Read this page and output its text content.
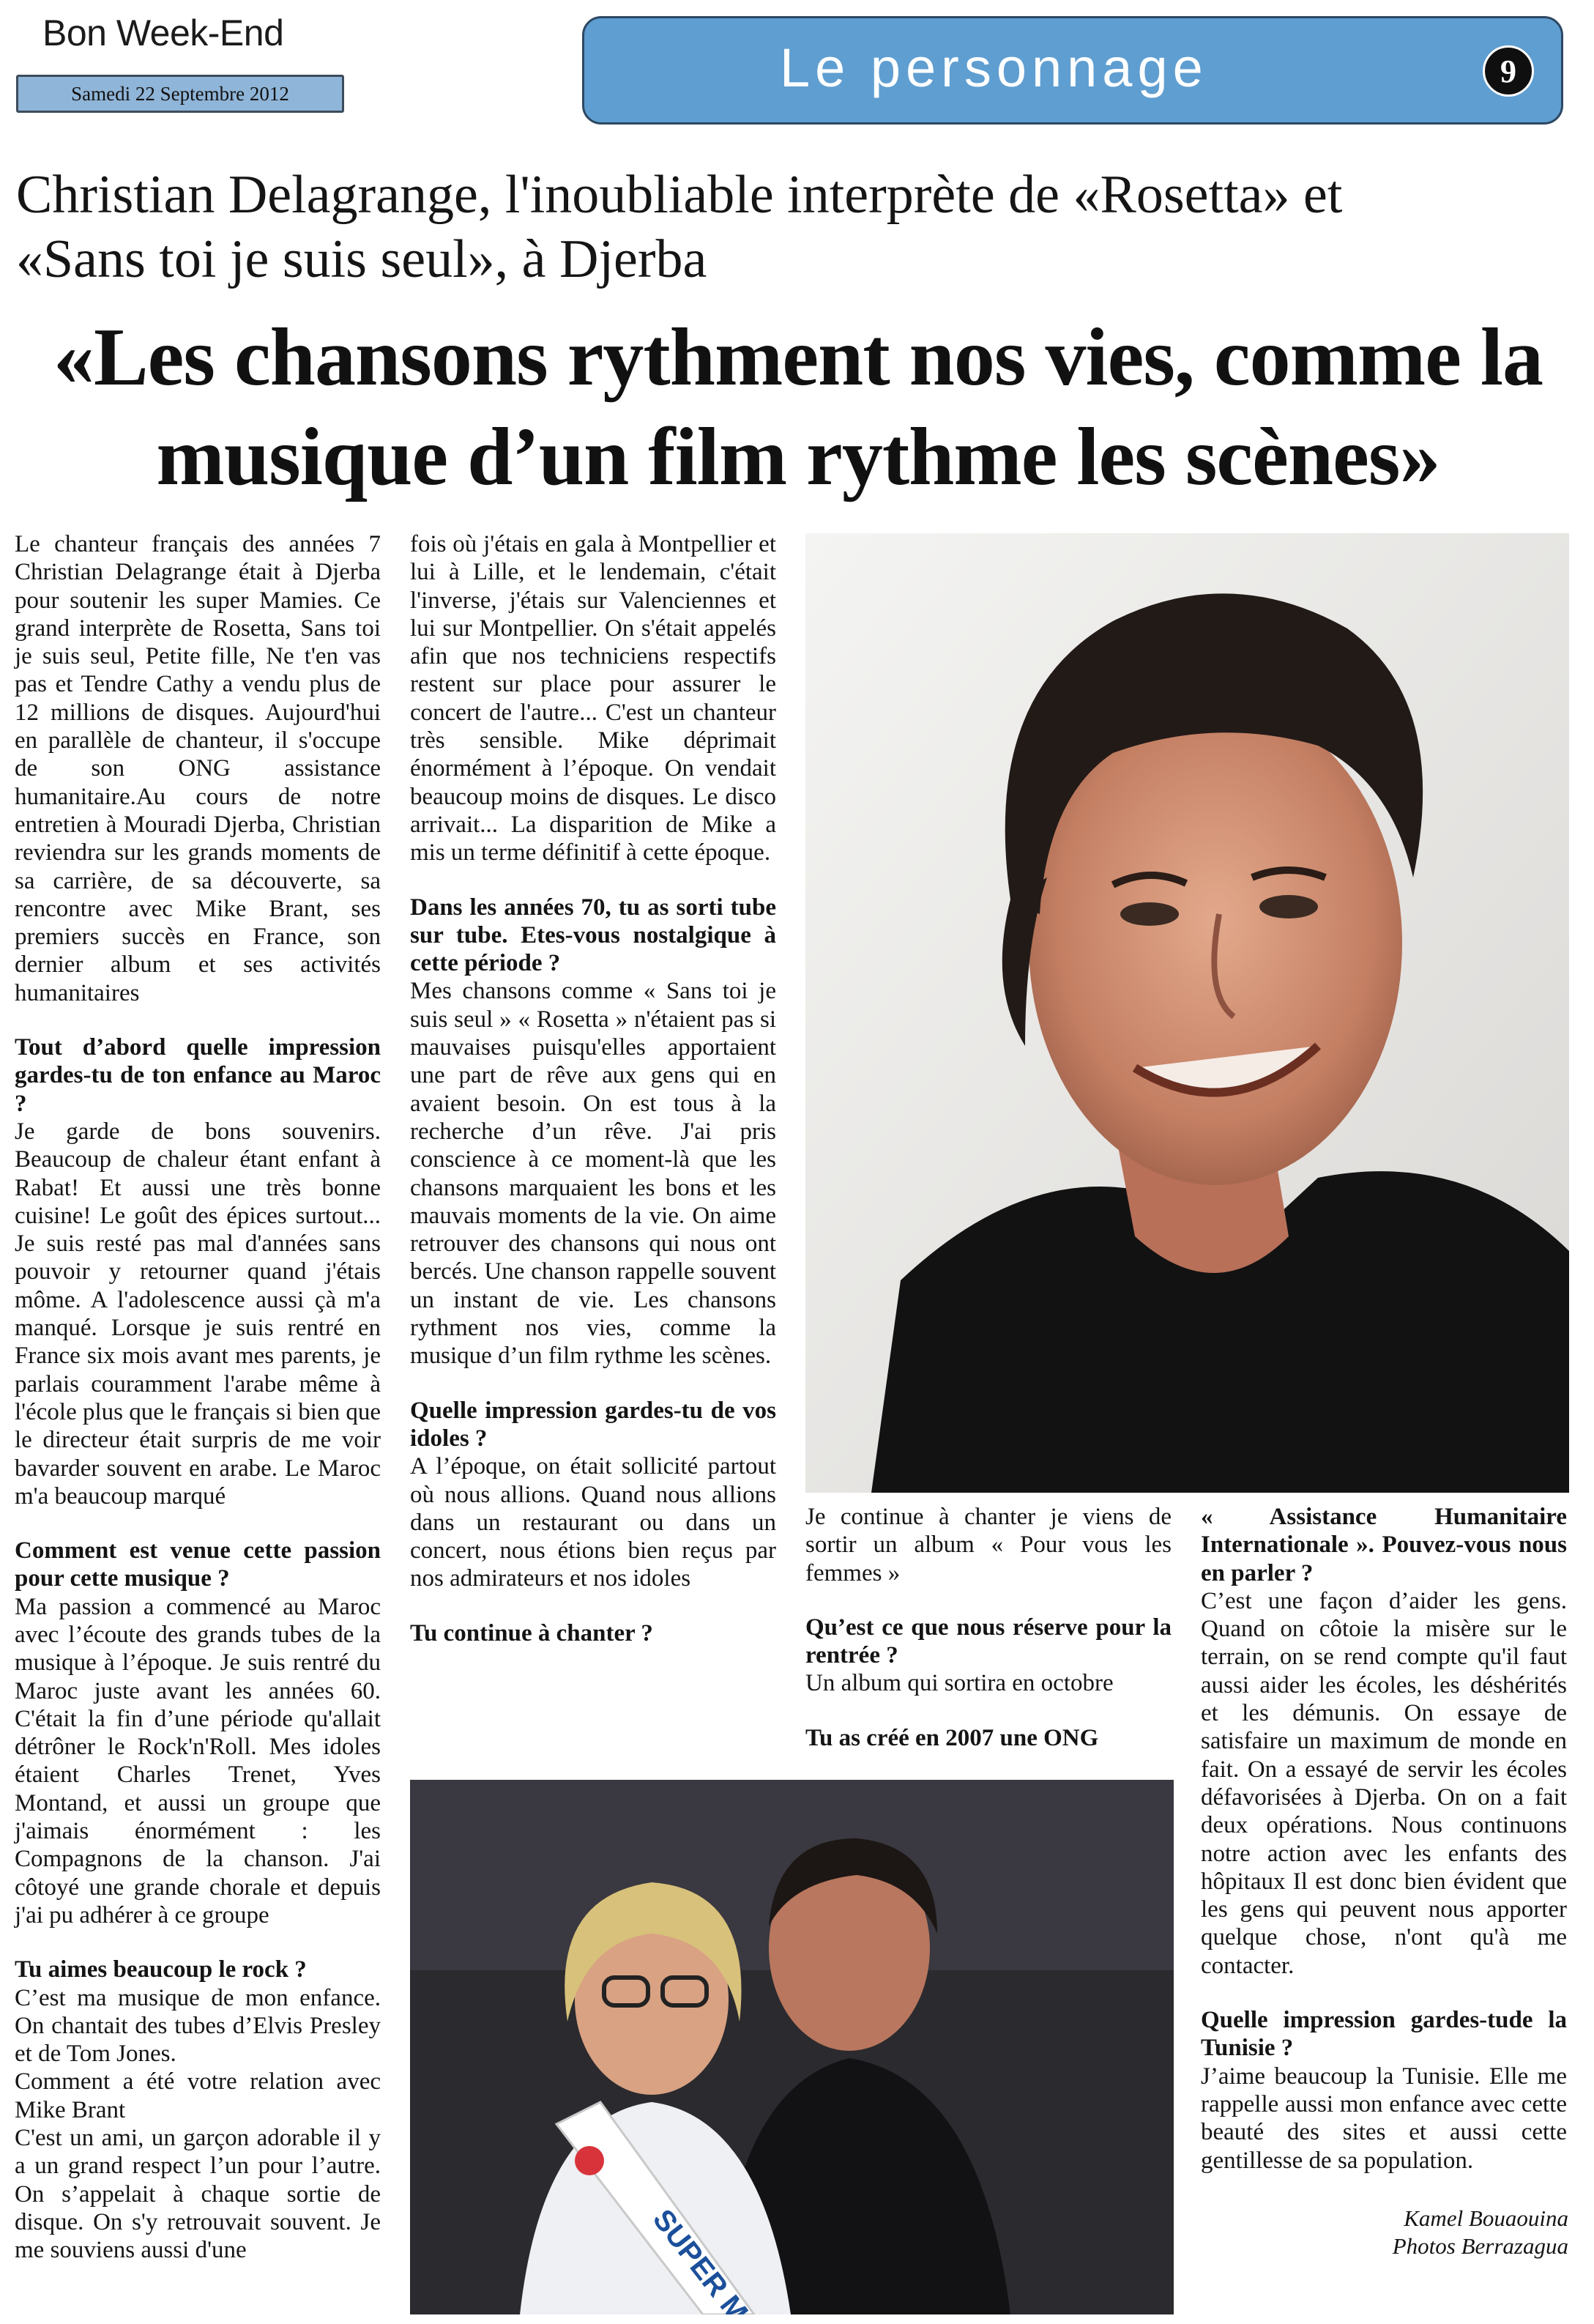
Bon Week-End
Samedi 22 Septembre 2012	Le personnage	9
Christian Delagrange, l'inoubliable interprète de «Rosetta» et
«Sans toi je suis seul», à Djerba
«Les chansons rythment nos vies, comme la
musique d’un film rythme les scènes»

Le chanteur français des années 7 Christian Delagrange était à Djerba pour soutenir les super Mamies. Ce grand interprète de Rosetta, Sans toi je suis seul, Petite fille, Ne t'en vas pas et Tendre Cathy a vendu plus de 12 millions de disques. Aujourd'hui en parallèle de chanteur, il s'occupe de son ONG assistance humanitaire.Au cours de notre entretien à Mouradi Djerba, Christian reviendra sur les grands moments de sa carrière, de sa découverte, sa rencontre avec Mike Brant, ses premiers succès en France, son dernier album et ses activités humanitaires

Tout d’abord quelle impression gardes-tu de ton enfance au Maroc ?

Je garde de bons souvenirs. Beaucoup de chaleur étant enfant à Rabat! Et aussi une très bonne cuisine! Le goût des épices surtout... Je suis resté pas mal d'années sans pouvoir y retourner quand j'étais môme. A l'adolescence aussi çà m'a manqué. Lorsque je suis rentré en France six mois avant mes parents, je parlais couramment l'arabe même à l'école plus que le français si bien que le directeur était surpris de me voir bavarder souvent en arabe. Le Maroc m'a beaucoup marqué

Comment est venue cette passion pour cette musique ?

Ma passion a commencé au Maroc avec l’écoute des grands tubes de la musique à l’époque. Je suis rentré du Maroc juste avant les années 60. C'était la fin d’une période qu'allait détrôner le Rock'n'Roll. Mes idoles étaient Charles Trenet, Yves Montand, et aussi un groupe que j'aimais énormément : les Compagnons de la chanson. J'ai côtoyé une grande chorale et depuis j'ai pu adhérer à ce groupe

Tu aimes beaucoup le rock ?

C’est ma musique de mon enfance. On chantait des tubes d’Elvis Presley et de Tom Jones.

Comment a été votre relation avec Mike Brant

C'est un ami, un garçon adorable il y a un grand respect l’un pour l’autre. On s’appelait à chaque sortie de disque. On s'y retrouvait souvent. Je me souviens aussi d'une

fois où j'étais en gala à Montpellier et lui à Lille, et le lendemain, c'était l'inverse, j'étais sur Valenciennes et lui sur Montpellier. On s'était appelés afin que nos techniciens respectifs restent sur place pour assurer le concert de l'autre... C'est un chanteur très sensible. Mike déprimait énormément à l’époque. On vendait beaucoup moins de disques. Le disco arrivait... La disparition de Mike a mis un terme définitif à cette époque.

Dans les années 70, tu as sorti tube sur tube. Etes-vous nostalgique à cette période ?

Mes chansons comme « Sans toi je suis seul » « Rosetta » n'étaient pas si mauvaises puisqu'elles apportaient une part de rêve aux gens qui en avaient besoin. On est tous à la recherche d’un rêve. J'ai pris conscience à ce moment-là que les chansons marquaient les bons et les mauvais moments de la vie. On aime retrouver des chansons qui nous ont bercés. Une chanson rappelle souvent un instant de vie. Les chansons rythment nos vies, comme la musique d’un film rythme les scènes.

Quelle impression gardes-tu de vos idoles ?

A l’époque, on était sollicité partout où nous allions. Quand nous allions dans un restaurant ou dans un concert, nous étions bien reçus par nos admirateurs et nos idoles

Tu continue à chanter ?

Je continue à chanter je viens de sortir un album « Pour vous les femmes »

Qu’est ce que nous réserve pour la rentrée ?

Un album qui sortira en octobre

Tu as créé en 2007 une ONG

« Assistance Humanitaire Internationale ». Pouvez-vous nous en parler ?

C’est une façon d’aider les gens. Quand on côtoie la misère sur le terrain, on se rend compte qu'il faut aussi aider les écoles, les déshérités et les démunis. On essaye de satisfaire un maximum de monde en fait. On a essayé de servir les écoles défavorisées à Djerba. On on a fait deux opérations. Nous continuons notre action avec les enfants des hôpitaux Il est donc bien évident que les gens qui peuvent nous apporter quelque chose, n'ont qu'à me contacter.

Quelle impression gardes-tude la Tunisie ?

J’aime beaucoup la Tunisie. Elle me rappelle aussi mon enfance avec cette beauté des sites et aussi cette gentillesse de sa population.

SUPER	Kamel Bouaouina
Photos Berrazagua
